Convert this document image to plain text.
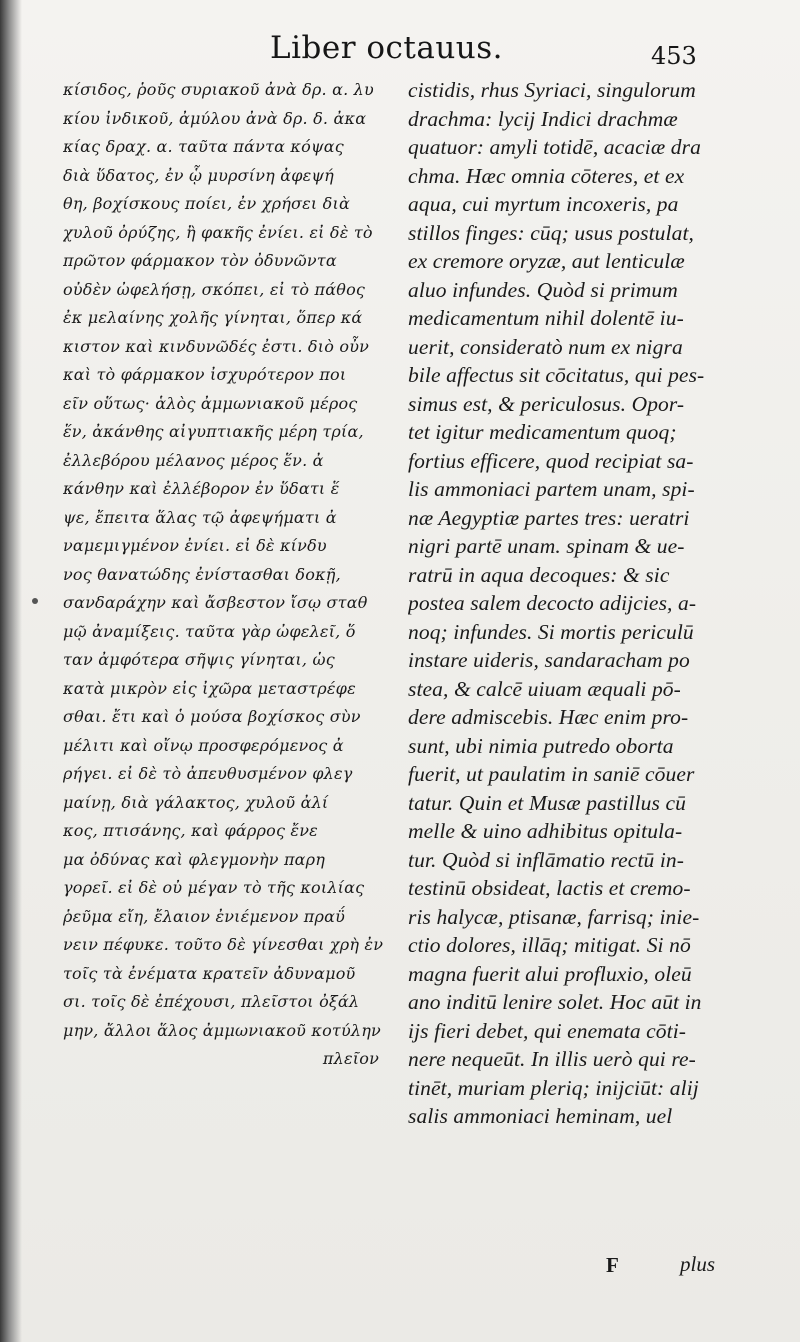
Liber octauus.	453
κίσιδος, ῥοῦς συριακοῦ ἀνὰ δρ. α. λυ
κίου ἰνδικοῦ, ἀμύλου ἀνὰ δρ. δ. ἀκα
κίας δραχ. α. ταῦτα πάντα κόψας
διὰ ὕδατος, ἐν ᾧ μυρσίνη ἀφεψή
θη, βοχίσκους ποίει, ἐν χρήσει διὰ
χυλοῦ ὀρύζης, ἢ φακῆς ἐνίει. εἰ δὲ τὸ
πρῶτον φάρμακον τὸν ὀδυνῶντα
οὐδὲν ὠφελήσῃ, σκόπει, εἰ τὸ πάθος
ἐκ μελαίνης χολῆς γίνηται, ὅπερ κά
κιστον καὶ κινδυνῶδές ἐστι. διὸ οὖν
καὶ τὸ φάρμακον ἰσχυρότερον ποι
εῖν οὕτως· ἁλὸς ἀμμωνιακοῦ μέρος
ἕν, ἀκάνθης αἰγυπτιακῆς μέρη τρία,
ἐλλεβόρου μέλανος μέρος ἕν. ἀ
κάνθην καὶ ἐλλέβορον ἐν ὕδατι ἕ
ψε, ἔπειτα ἅλας τῷ ἀφεψήματι ἀ
ναμεμιγμένον ἐνίει. εἰ δὲ κίνδυ
νος θανατώδης ἐνίστασθαι δοκῇ,
σανδαράχην καὶ ἄσβεστον ἴσῳ σταθ
μῷ ἀναμίξεις. ταῦτα γὰρ ὠφελεῖ, ὅ
ταν ἀμφότερα σῆψις γίνηται, ὡς
κατὰ μικρὸν εἰς ἰχῶρα μεταστρέφε
σθαι. ἔτι καὶ ὁ μούσα βοχίσκος σὺν
μέλιτι καὶ οἴνῳ προσφερόμενος ἀ
ρήγει. εἰ δὲ τὸ ἀπευθυσμένον φλεγ
μαίνῃ, διὰ γάλακτος, χυλοῦ ἀλί
κος, πτισάνης, καὶ φάρρος ἔνε
μα ὀδύνας καὶ φλεγμονὴν παρη
γορεῖ. εἰ δὲ οὐ μέγαν τὸ τῆς κοιλίας
ῥεῦμα εἴη, ἔλαιον ἐνιέμενον πραΰ
νειν πέφυκε. τοῦτο δὲ γίνεσθαι χρὴ ἐν
τοῖς τὰ ἐνέματα κρατεῖν ἀδυναμοῦ
σι. τοῖς δὲ ἐπέχουσι, πλεῖστοι ὀξάλ
μην, ἄλλοι ἅλος ἀμμωνιακοῦ κοτύλην
πλεῖον
cistidis, rhus Syriaci, singulorum
drachma: lycij Indici drachmæ
quatuor: amyli totidē, acaciæ dra
chma. Hæc omnia cōteres, et ex
aqua, cui myrtum incoxeris, pa
stillos finges: cūq; usus postulat,
ex cremore oryzæ, aut lenticulæ
aluo infundes. Quòd si primum
medicamentum nihil dolentē iu-
uerit, consideratò num ex nigra
bile affectus sit cōcitatus, qui pes-
simus est, & periculosus. Opor-
tet igitur medicamentum quoq;
fortius efficere, quod recipiat sa-
lis ammoniaci partem unam, spi-
næ Aegyptiæ partes tres: ueratri
nigri partē unam. spinam & ue-
ratrū in aqua decoques: & sic
postea salem decocto adijcies, a-
noq; infundes. Si mortis periculū
instare uideris, sandaracham po
stea, & calcē uiuam æquali pō-
dere admiscebis. Hæc enim pro-
sunt, ubi nimia putredo oborta
fuerit, ut paulatim in saniē cōuer
tatur. Quin et Musæ pastillus cū
melle & uino adhibitus opitula-
tur. Quòd si inflāmatio rectū in-
testinū obsideat, lactis et cremo-
ris halycæ, ptisanæ, farrisq; inie-
ctio dolores, illāq; mitigat. Si nō
magna fuerit alui profluxio, oleū
ano inditū lenire solet. Hoc aūt in
ijs fieri debet, qui enemata cōti-
nere nequeūt. In illis uerò qui re-
tinēt, muriam pleriq; inijciūt: alij
salis ammoniaci heminam, uel
F	plus
